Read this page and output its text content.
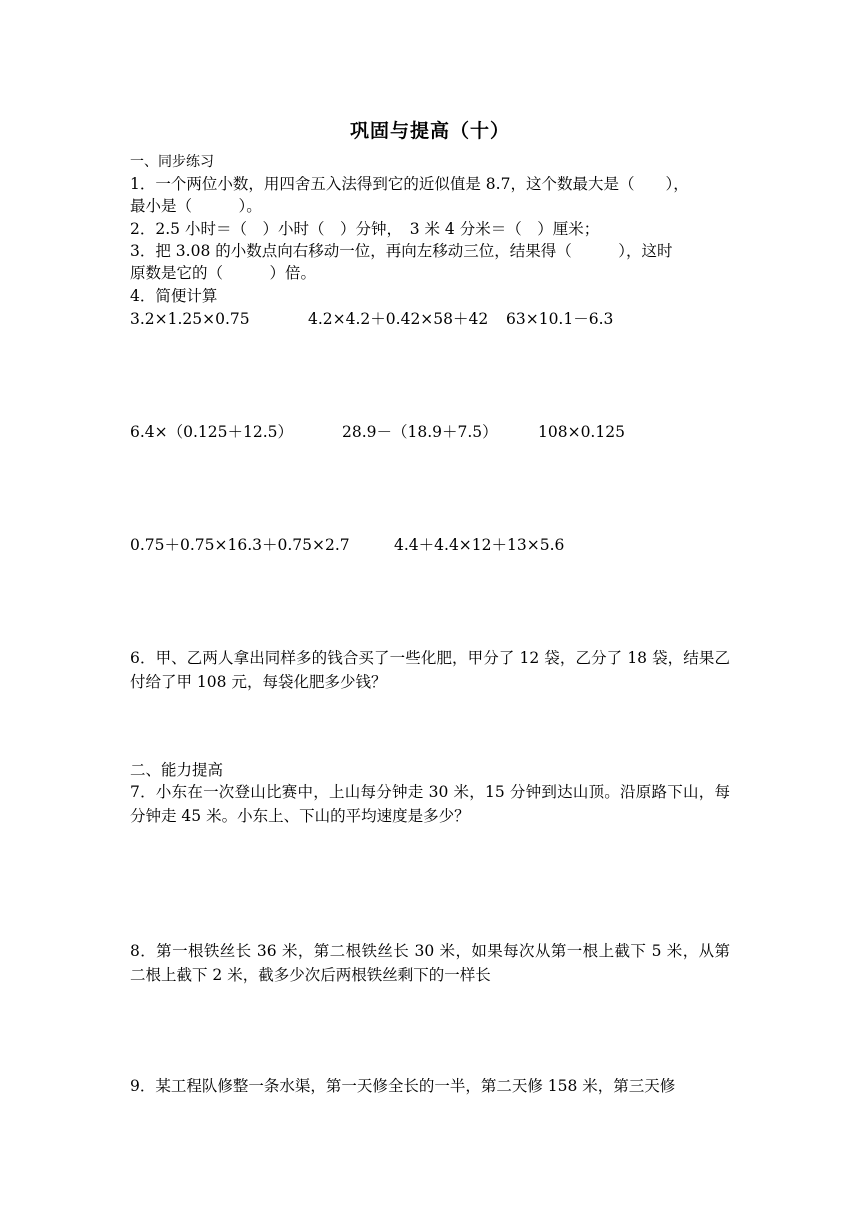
巩固与提高（十）
一、同步练习
1．一个两位小数，用四舍五入法得到它的近似值是 8.7，这个数最大是（　　），
最小是（　　　）。
2．2.5 小时＝（　）小时（　）分钟，　3 米 4 分米＝（　）厘米；
3．把 3.08 的小数点向右移动一位，再向左移动三位，结果得（　　　），这时
原数是它的（　　　）倍。
4．简便计算
3.2×1.25×0.75	4.2×4.2＋0.42×58＋42 63×10.1－6.3
6.4×（0.125＋12.5）	28.9－（18.9＋7.5）	108×0.125
0.75＋0.75×16.3＋0.75×2.7	4.4＋4.4×12＋13×5.6
6．甲、乙两人拿出同样多的钱合买了一些化肥，甲分了 12 袋，乙分了 18 袋，结果乙付给了甲 108 元，每袋化肥多少钱？
二、能力提高
7．小东在一次登山比赛中，上山每分钟走 30 米，15 分钟到达山顶。沿原路下山，每分钟走 45 米。小东上、下山的平均速度是多少？
8．第一根铁丝长 36 米，第二根铁丝长 30 米，如果每次从第一根上截下 5 米，从第二根上截下 2 米，截多少次后两根铁丝剩下的一样长
9．某工程队修整一条水渠，第一天修全长的一半，第二天修 158 米，第三天修
